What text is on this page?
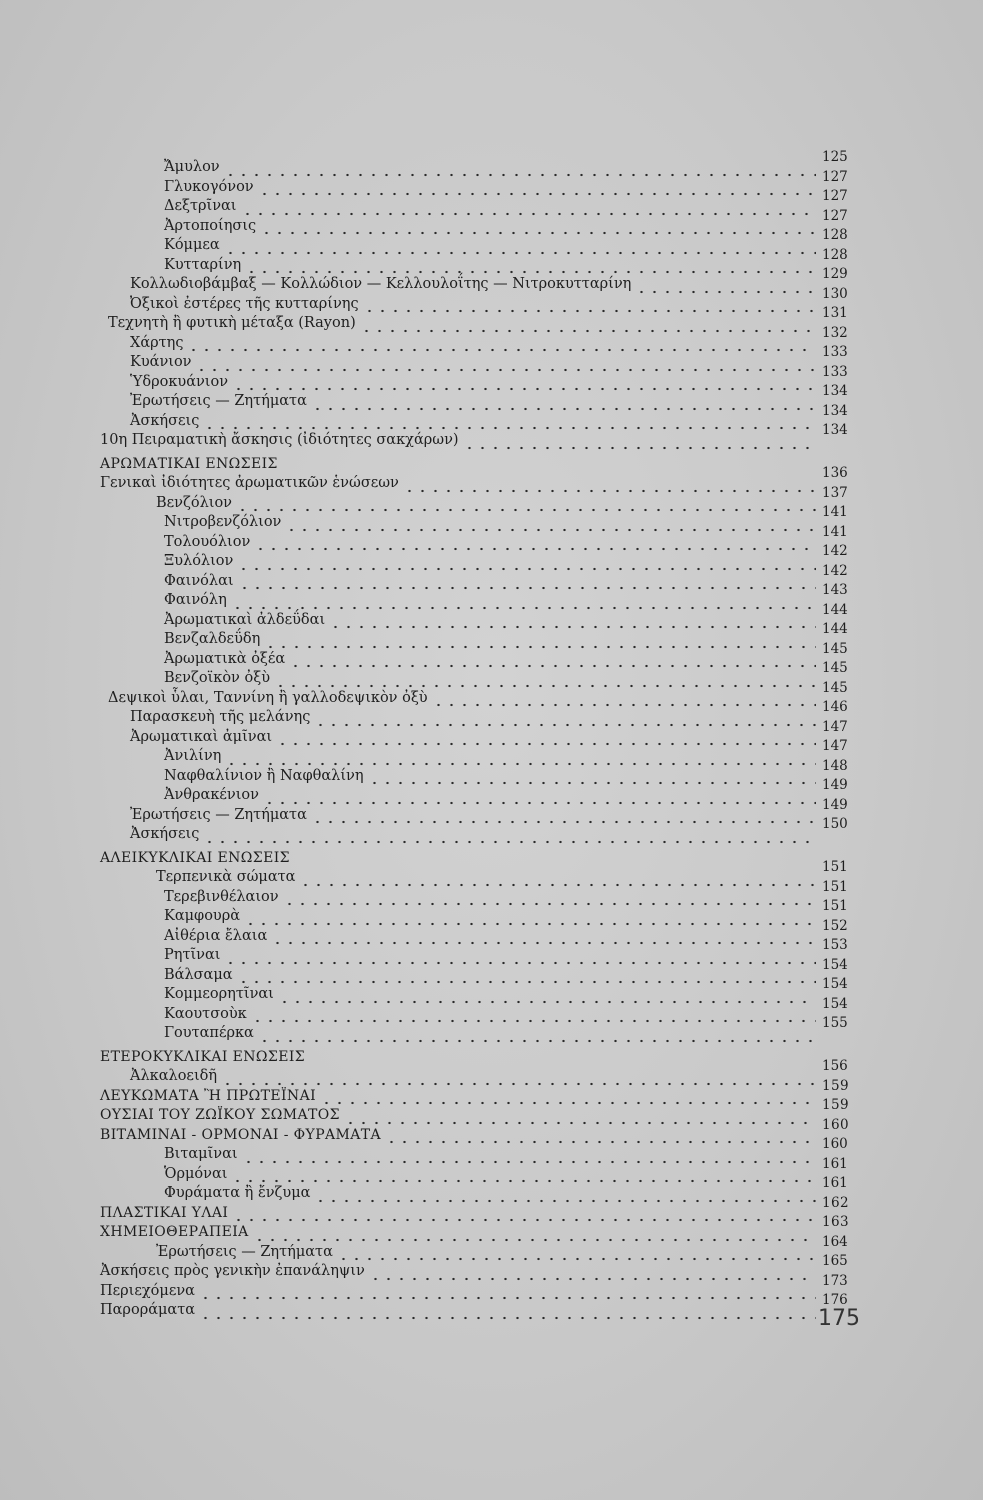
Ἄμυλον
125
Γλυκογόνον
127
Δεξτρῖναι
127
Ἀρτοποίησις
127
Κόμμεα
128
Κυτταρίνη
128
Κολλωδιοβάμβαξ — Κολλώδιον — Κελλουλοΐτης — Νιτροκυτταρίνη
129
Ὀξικοὶ ἐστέρες τῆς κυτταρίνης
130
Τεχνητὴ ἢ φυτικὴ μέταξα (Rayon)
131
Χάρτης
132
Κυάνιον
133
Ὑδροκυάνιον
133
Ἐρωτήσεις — Ζητήματα
134
Ἀσκήσεις
134
10η Πειραματικὴ ἄσκησις (ἰδιότητες σακχάρων)
134
ΑΡΩΜΑΤΙΚΑΙ ΕΝΩΣΕΙΣ
Γενικαὶ ἰδιότητες ἀρωματικῶν ἑνώσεων
136
Βενζόλιον
137
Νιτροβενζόλιον
141
Τολουόλιον
141
Ξυλόλιον
142
Φαινόλαι
142
Φαινόλη
143
Ἀρωματικαὶ ἀλδεΰδαι
144
Βενζαλδεΰδη
144
Ἀρωματικὰ ὀξέα
145
Βενζοϊκὸν ὀξὺ
145
Δεψικοὶ ὗλαι, Ταννίνη ἢ γαλλοδεψικὸν ὀξὺ
145
Παρασκευὴ τῆς μελάνης
146
Ἀρωματικαὶ ἀμῖναι
147
Ἀνιλίνη
147
Ναφθαλίνιον ἢ Ναφθαλίνη
148
Ἀνθρακένιον
149
Ἐρωτήσεις — Ζητήματα
149
Ἀσκήσεις
150
ΑΛΕΙΚΥΚΛΙΚΑΙ ΕΝΩΣΕΙΣ
Τερπενικὰ σώματα
151
Τερεβινθέλαιον
151
Καμφουρὰ
151
Αἰθέρια ἔλαια
152
Ρητῖναι
153
Βάλσαμα
154
Κομμεορητῖναι
154
Καουτσοὺκ
154
Γουταπέρκα
155
ΕΤΕΡΟΚΥΚΛΙΚΑΙ ΕΝΩΣΕΙΣ
Ἀλκαλοειδῆ
156
ΛΕΥΚΩΜΑΤΑ Ἢ ΠΡΩΤΕΪΝΑΙ
159
ΟΥΣΙΑΙ ΤΟΥ ΖΩΪΚΟΥ ΣΩΜΑΤΟΣ
159
ΒΙΤΑΜΙΝΑΙ - ΟΡΜΟΝΑΙ - ΦΥΡΑΜΑΤΑ
160
Βιταμῖναι
160
Ὁρμόναι
161
Φυράματα ἢ ἔνζυμα
161
ΠΛΑΣΤΙΚΑΙ ΥΛΑΙ
162
ΧΗΜΕΙΟΘΕΡΑΠΕΙΑ
163
Ἐρωτήσεις — Ζητήματα
164
Ἀσκήσεις πρὸς γενικὴν ἐπανάληψιν
165
Περιεχόμενα
173
Παροράματα
176
175
